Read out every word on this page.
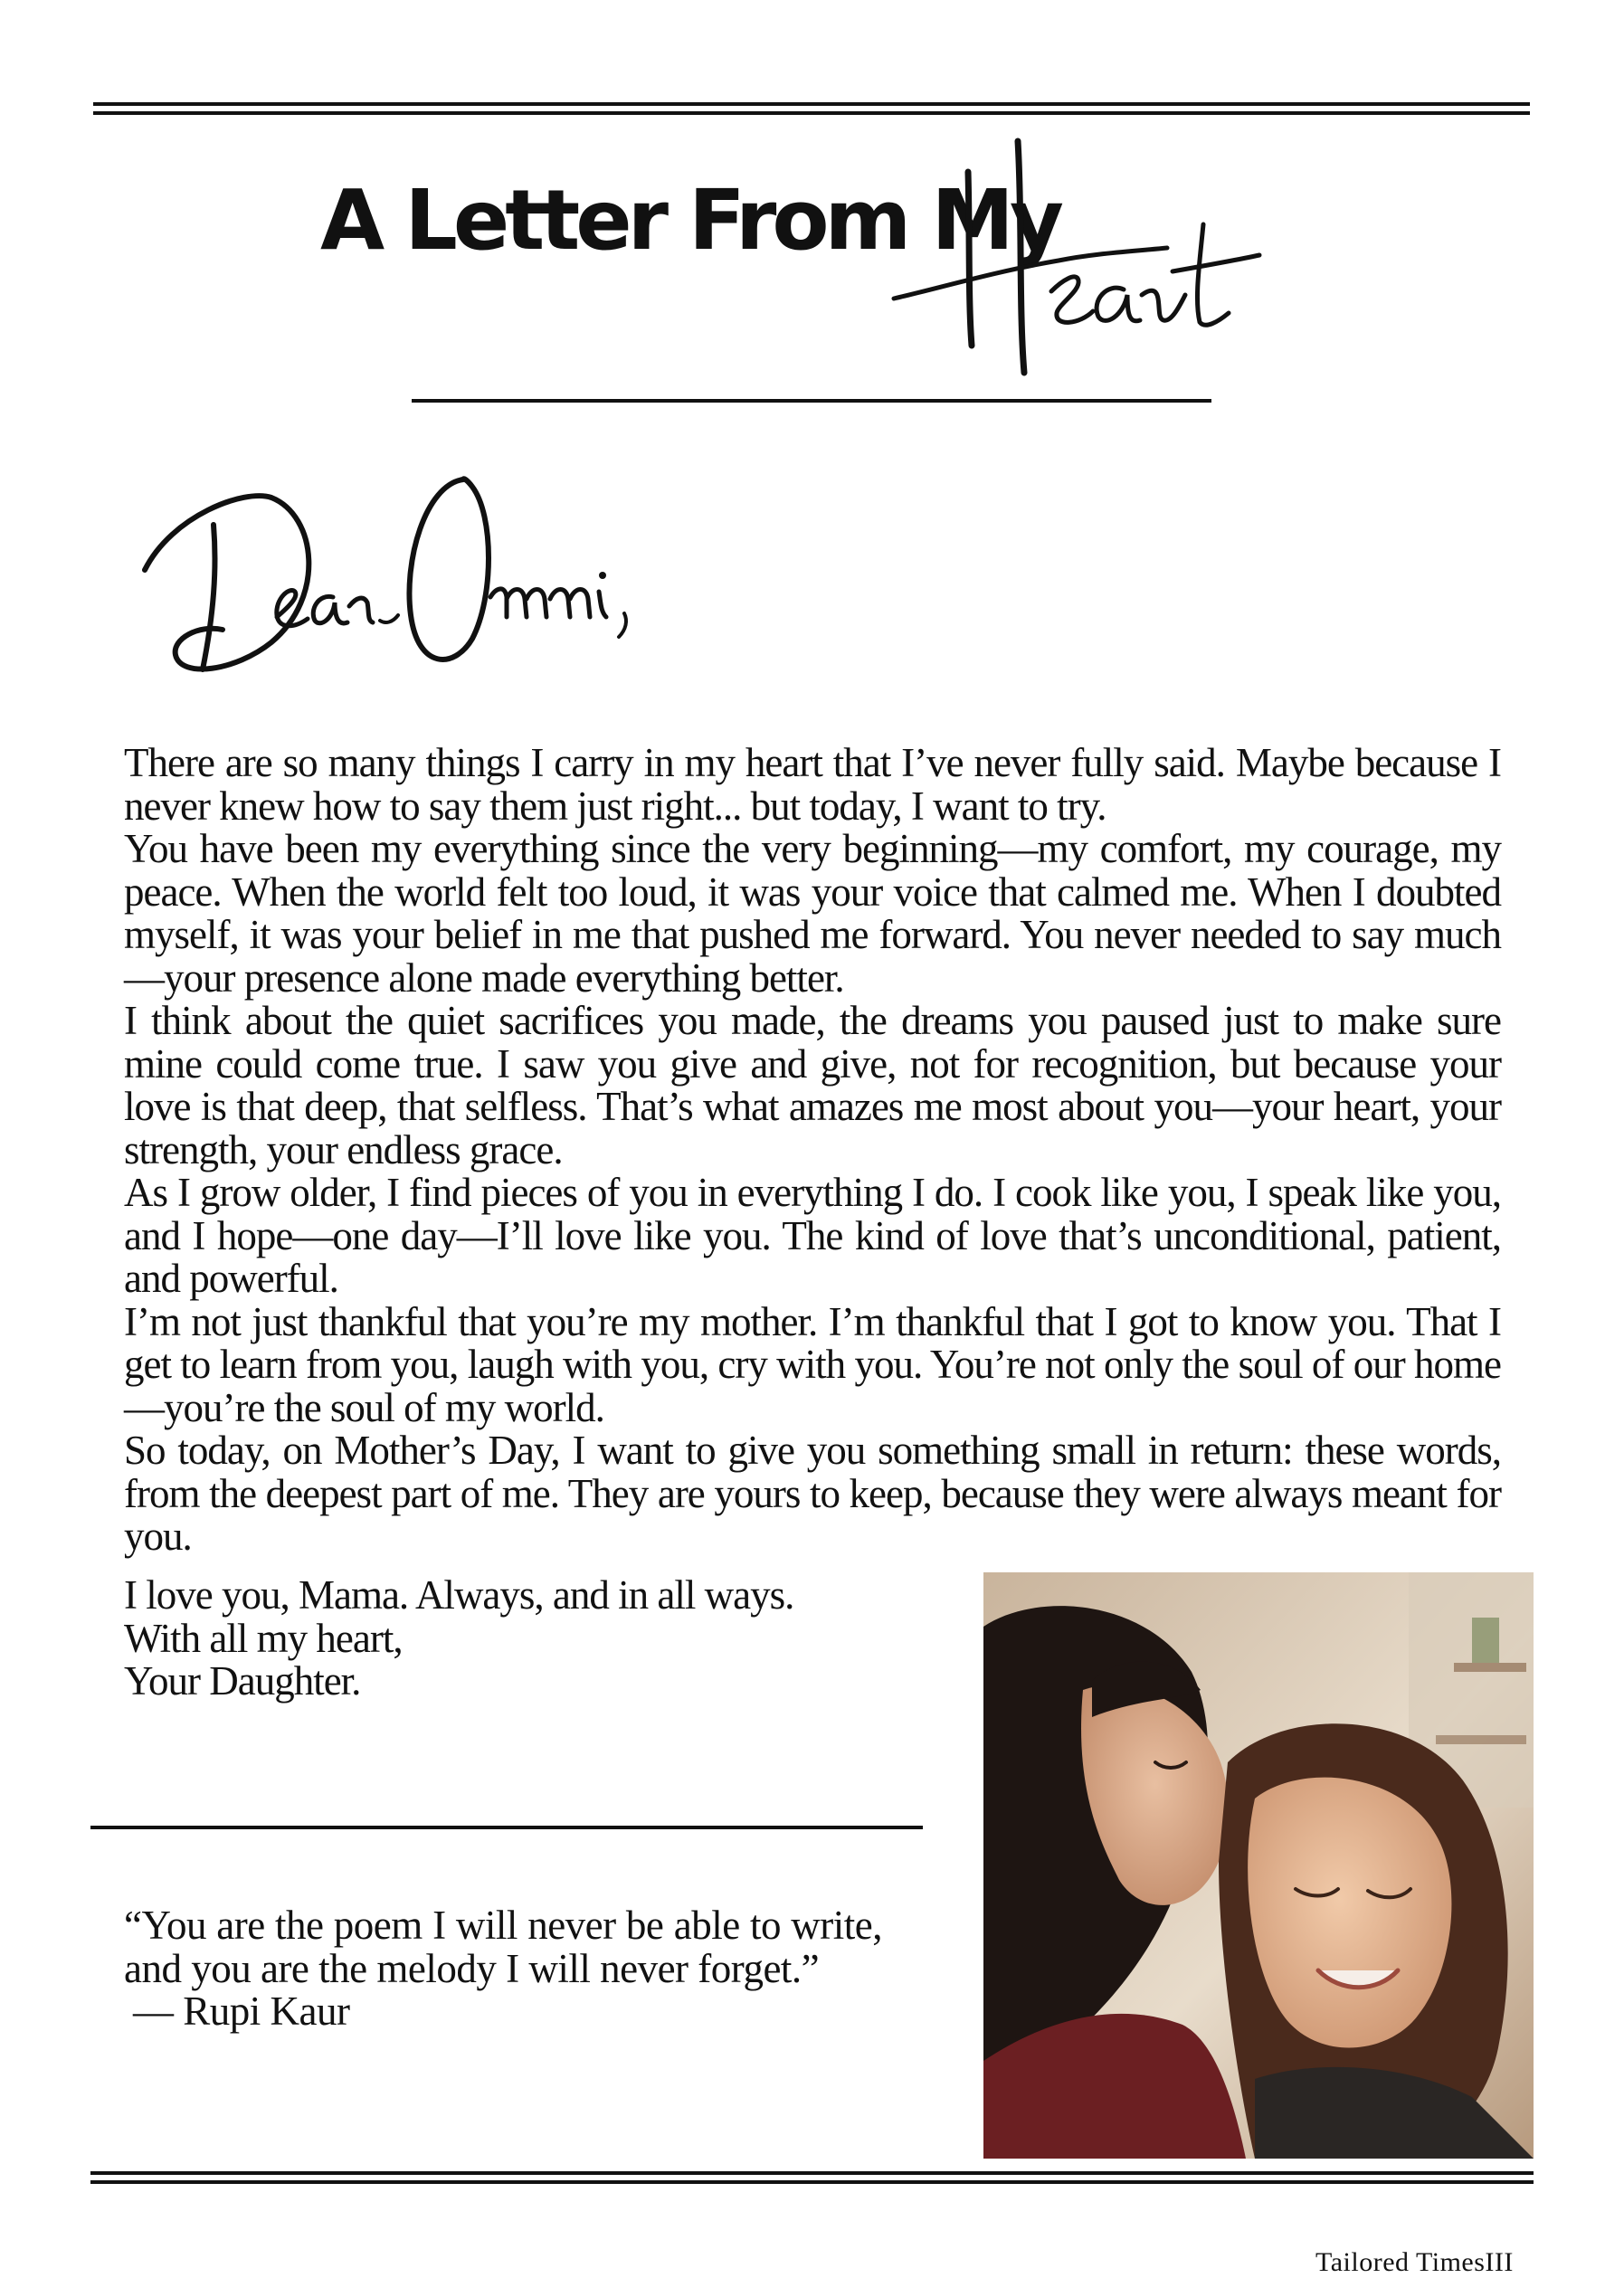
A Letter From My

There are so many things I carry in my heart that I’ve never fully said. Maybe because I never knew how to say them just right... but today, I want to try.

You have been my everything since the very beginning—my comfort, my courage, my peace. When the world felt too loud, it was your voice that calmed me. When I doubted myself, it was your belief in me that pushed me forward. You never needed to say much—your presence alone made everything better.

I think about the quiet sacrifices you made, the dreams you paused just to make sure mine could come true. I saw you give and give, not for recognition, but because your love is that deep, that selfless. That’s what amazes me most about you—your heart, your strength, your endless grace.

As I grow older, I find pieces of you in everything I do. I cook like you, I speak like you, and I hope—one day—I’ll love like you. The kind of love that’s unconditional, patient, and powerful.

I’m not just thankful that you’re my mother. I’m thankful that I got to know you. That I get to learn from you, laugh with you, cry with you. You’re not only the soul of our home—you’re the soul of my world.

So today, on Mother’s Day, I want to give you something small in return: these words, from the deepest part of me. They are yours to keep, because they were always meant for you.

I love you, Mama. Always, and in all ways.

With all my heart,

Your Daughter.

“You are the poem I will never be able to write, and you are the melody I will never forget.”

— Rupi Kaur

Tailored TimesIII
